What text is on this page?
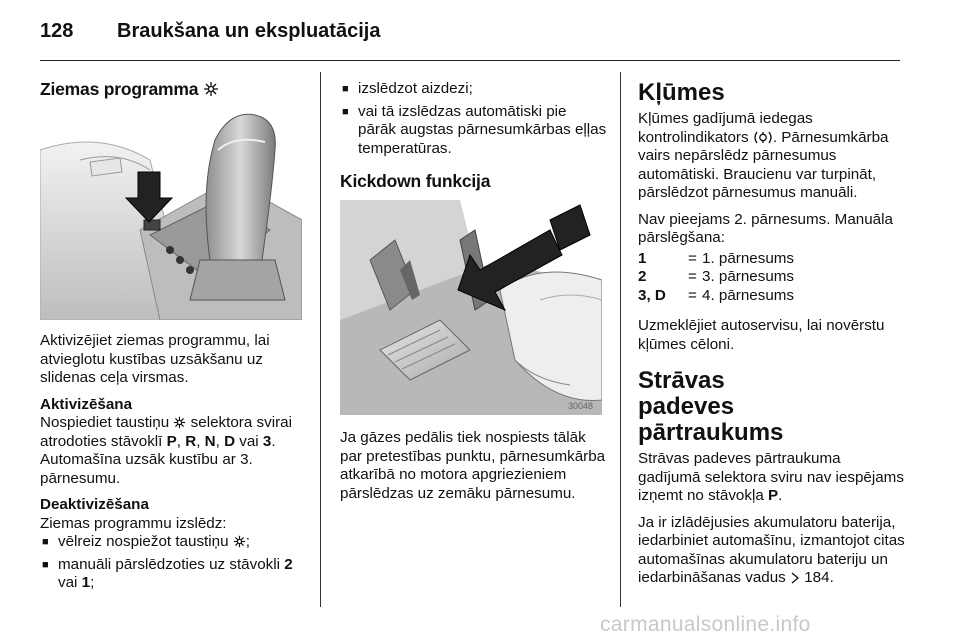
128 Braukšana un ekspluatācija
Ziemas programma

Aktivizējiet ziemas programmu, lai atvieglotu kustības uzsākšanu uz slidenas ceļa virsmas.

Aktivizēšana

Nospiediet taustiņu selektora svirai atrodoties stāvoklī P, R, N, D vai 3.
Automašīna uzsāk kustību ar 3. pārnesumu.

Deaktivizēšana
Ziemas programmu izslēdz:
■ vēlreiz nospiežot taustiņu ;
■ manuāli pārslēdzoties uz stāvokli 2 vai 1;
■ izslēdzot aizdezi;
■ vai tā izslēdzas automātiski pie pārāk augstas pārnesumkārbas eļļas temperatūras.
Kickdown funkcija
30048

Ja gāzes pedālis tiek nospiests tālāk par pretestības punktu, pārnesumkārba atkarībā no motora apgriezieniem pārslēdzas uz zemāku pārnesumu.

Kļūmes

Kļūmes gadījumā iedegas kontrolindikators . Pārnesumkārba vairs nepārslēdz pārnesumus automātiski. Braucienu var turpināt, pārslēdzot pārnesumus manuāli.

Nav pieejams 2. pārnesums. Manuāla pārslēgšana:

1	=	1. pārnesums
2	=	3. pārnesums
3, D	=	4. pārnesums

Uzmeklējiet autoservisu, lai novērstu kļūmes cēloni.

Strāvas padeves pārtraukums

Strāvas padeves pārtraukuma gadījumā selektora sviru nav iespējams izņemt no stāvokļa P.

Ja ir izlādējusies akumulatoru baterija, iedarbiniet automašīnu, izmantojot citas automašīnas akumulatoru bateriju un iedarbināšanas vadus 184.

carmanualsonline.info
